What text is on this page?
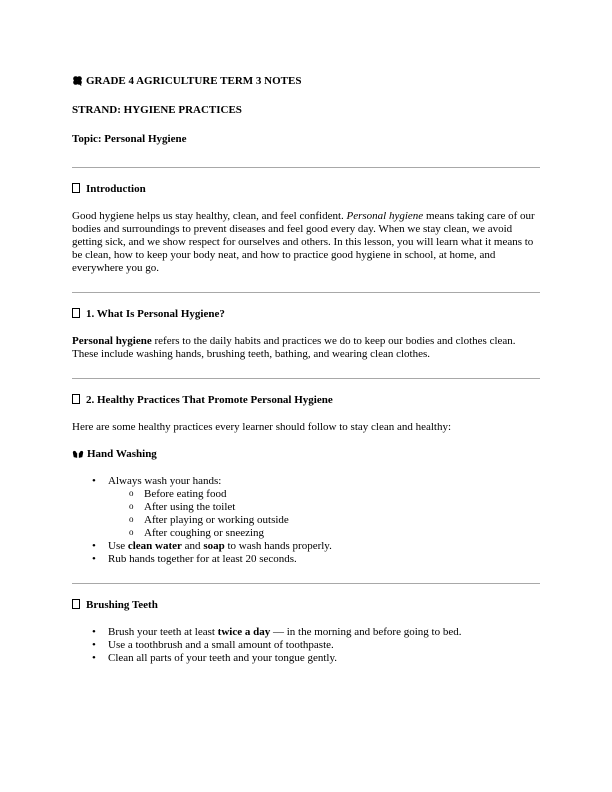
GRADE 4 AGRICULTURE TERM 3 NOTES

STRAND: HYGIENE PRACTICES

Topic: Personal Hygiene

Introduction

Good hygiene helps us stay healthy, clean, and feel confident. Personal hygiene means taking care of our bodies and surroundings to prevent diseases and feel good every day. When we stay clean, we avoid getting sick, and we show respect for ourselves and others. In this lesson, you will learn what it means to be clean, how to keep your body neat, and how to practice good hygiene in school, at home, and everywhere you go.

1. What Is Personal Hygiene?

Personal hygiene refers to the daily habits and practices we do to keep our bodies and clothes clean. These include washing hands, brushing teeth, bathing, and wearing clean clothes.

2. Healthy Practices That Promote Personal Hygiene

Here are some healthy practices every learner should follow to stay clean and healthy:

Hand Washing

• Always wash your hands:
o Before eating food
o After using the toilet
o After playing or working outside
o After coughing or sneezing
• Use clean water and soap to wash hands properly.
• Rub hands together for at least 20 seconds.

Brushing Teeth

• Brush your teeth at least twice a day — in the morning and before going to bed.
• Use a toothbrush and a small amount of toothpaste.
• Clean all parts of your teeth and your tongue gently.
